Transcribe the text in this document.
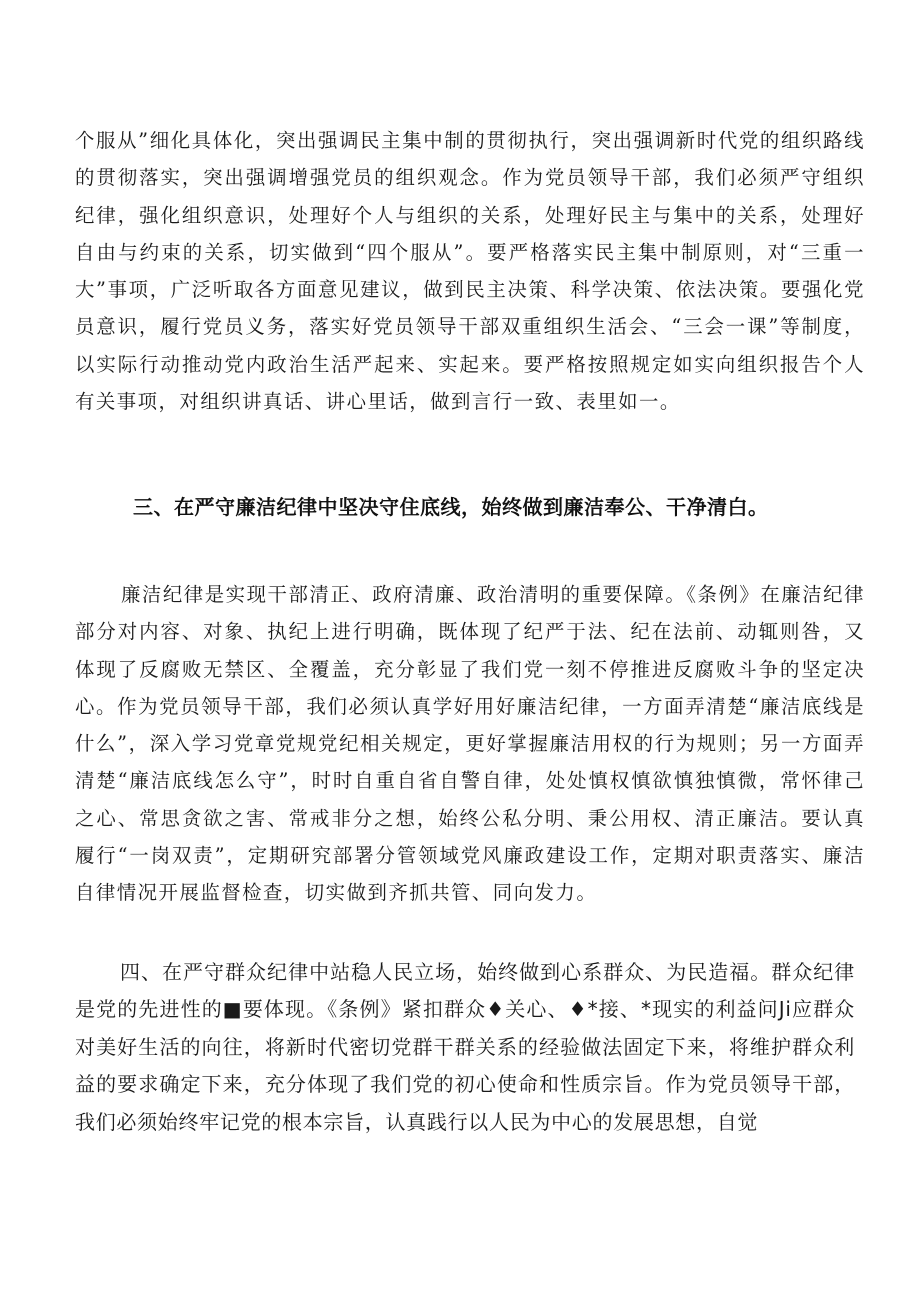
个服从”细化具体化，突出强调民主集中制的贯彻执行，突出强调新时代党的组织路线的贯彻落实，突出强调增强党员的组织观念。作为党员领导干部，我们必须严守组织纪律，强化组织意识，处理好个人与组织的关系，处理好民主与集中的关系，处理好自由与约束的关系，切实做到“四个服从”。要严格落实民主集中制原则，对“三重一大”事项，广泛听取各方面意见建议，做到民主决策、科学决策、依法决策。要强化党员意识，履行党员义务，落实好党员领导干部双重组织生活会、“三会一课”等制度，以实际行动推动党内政治生活严起来、实起来。要严格按照规定如实向组织报告个人有关事项，对组织讲真话、讲心里话，做到言行一致、表里如一。

三、在严守廉洁纪律中坚决守住底线，始终做到廉洁奉公、干净清白。

廉洁纪律是实现干部清正、政府清廉、政治清明的重要保障。《条例》在廉洁纪律部分对内容、对象、执纪上进行明确，既体现了纪严于法、纪在法前、动辄则咎，又体现了反腐败无禁区、全覆盖，充分彰显了我们党一刻不停推进反腐败斗争的坚定决心。作为党员领导干部，我们必须认真学好用好廉洁纪律，一方面弄清楚“廉洁底线是什么”，深入学习党章党规党纪相关规定，更好掌握廉洁用权的行为规则；另一方面弄清楚“廉洁底线怎么守”，时时自重自省自警自律，处处慎权慎欲慎独慎微，常怀律己之心、常思贪欲之害、常戒非分之想，始终公私分明、秉公用权、清正廉洁。要认真履行“一岗双责”，定期研究部署分管领域党风廉政建设工作，定期对职责落实、廉洁自律情况开展监督检查，切实做到齐抓共管、同向发力。

四、在严守群众纪律中站稳人民立场，始终做到心系群众、为民造福。群众纪律是党的先进性的■要体现。《条例》紧扣群众♦关心、♦*接、*现实的利益问Ji应群众对美好生活的向往，将新时代密切党群干群关系的经验做法固定下来，将维护群众利益的要求确定下来，充分体现了我们党的初心使命和性质宗旨。作为党员领导干部，我们必须始终牢记党的根本宗旨，认真践行以人民为中心的发展思想，自觉
